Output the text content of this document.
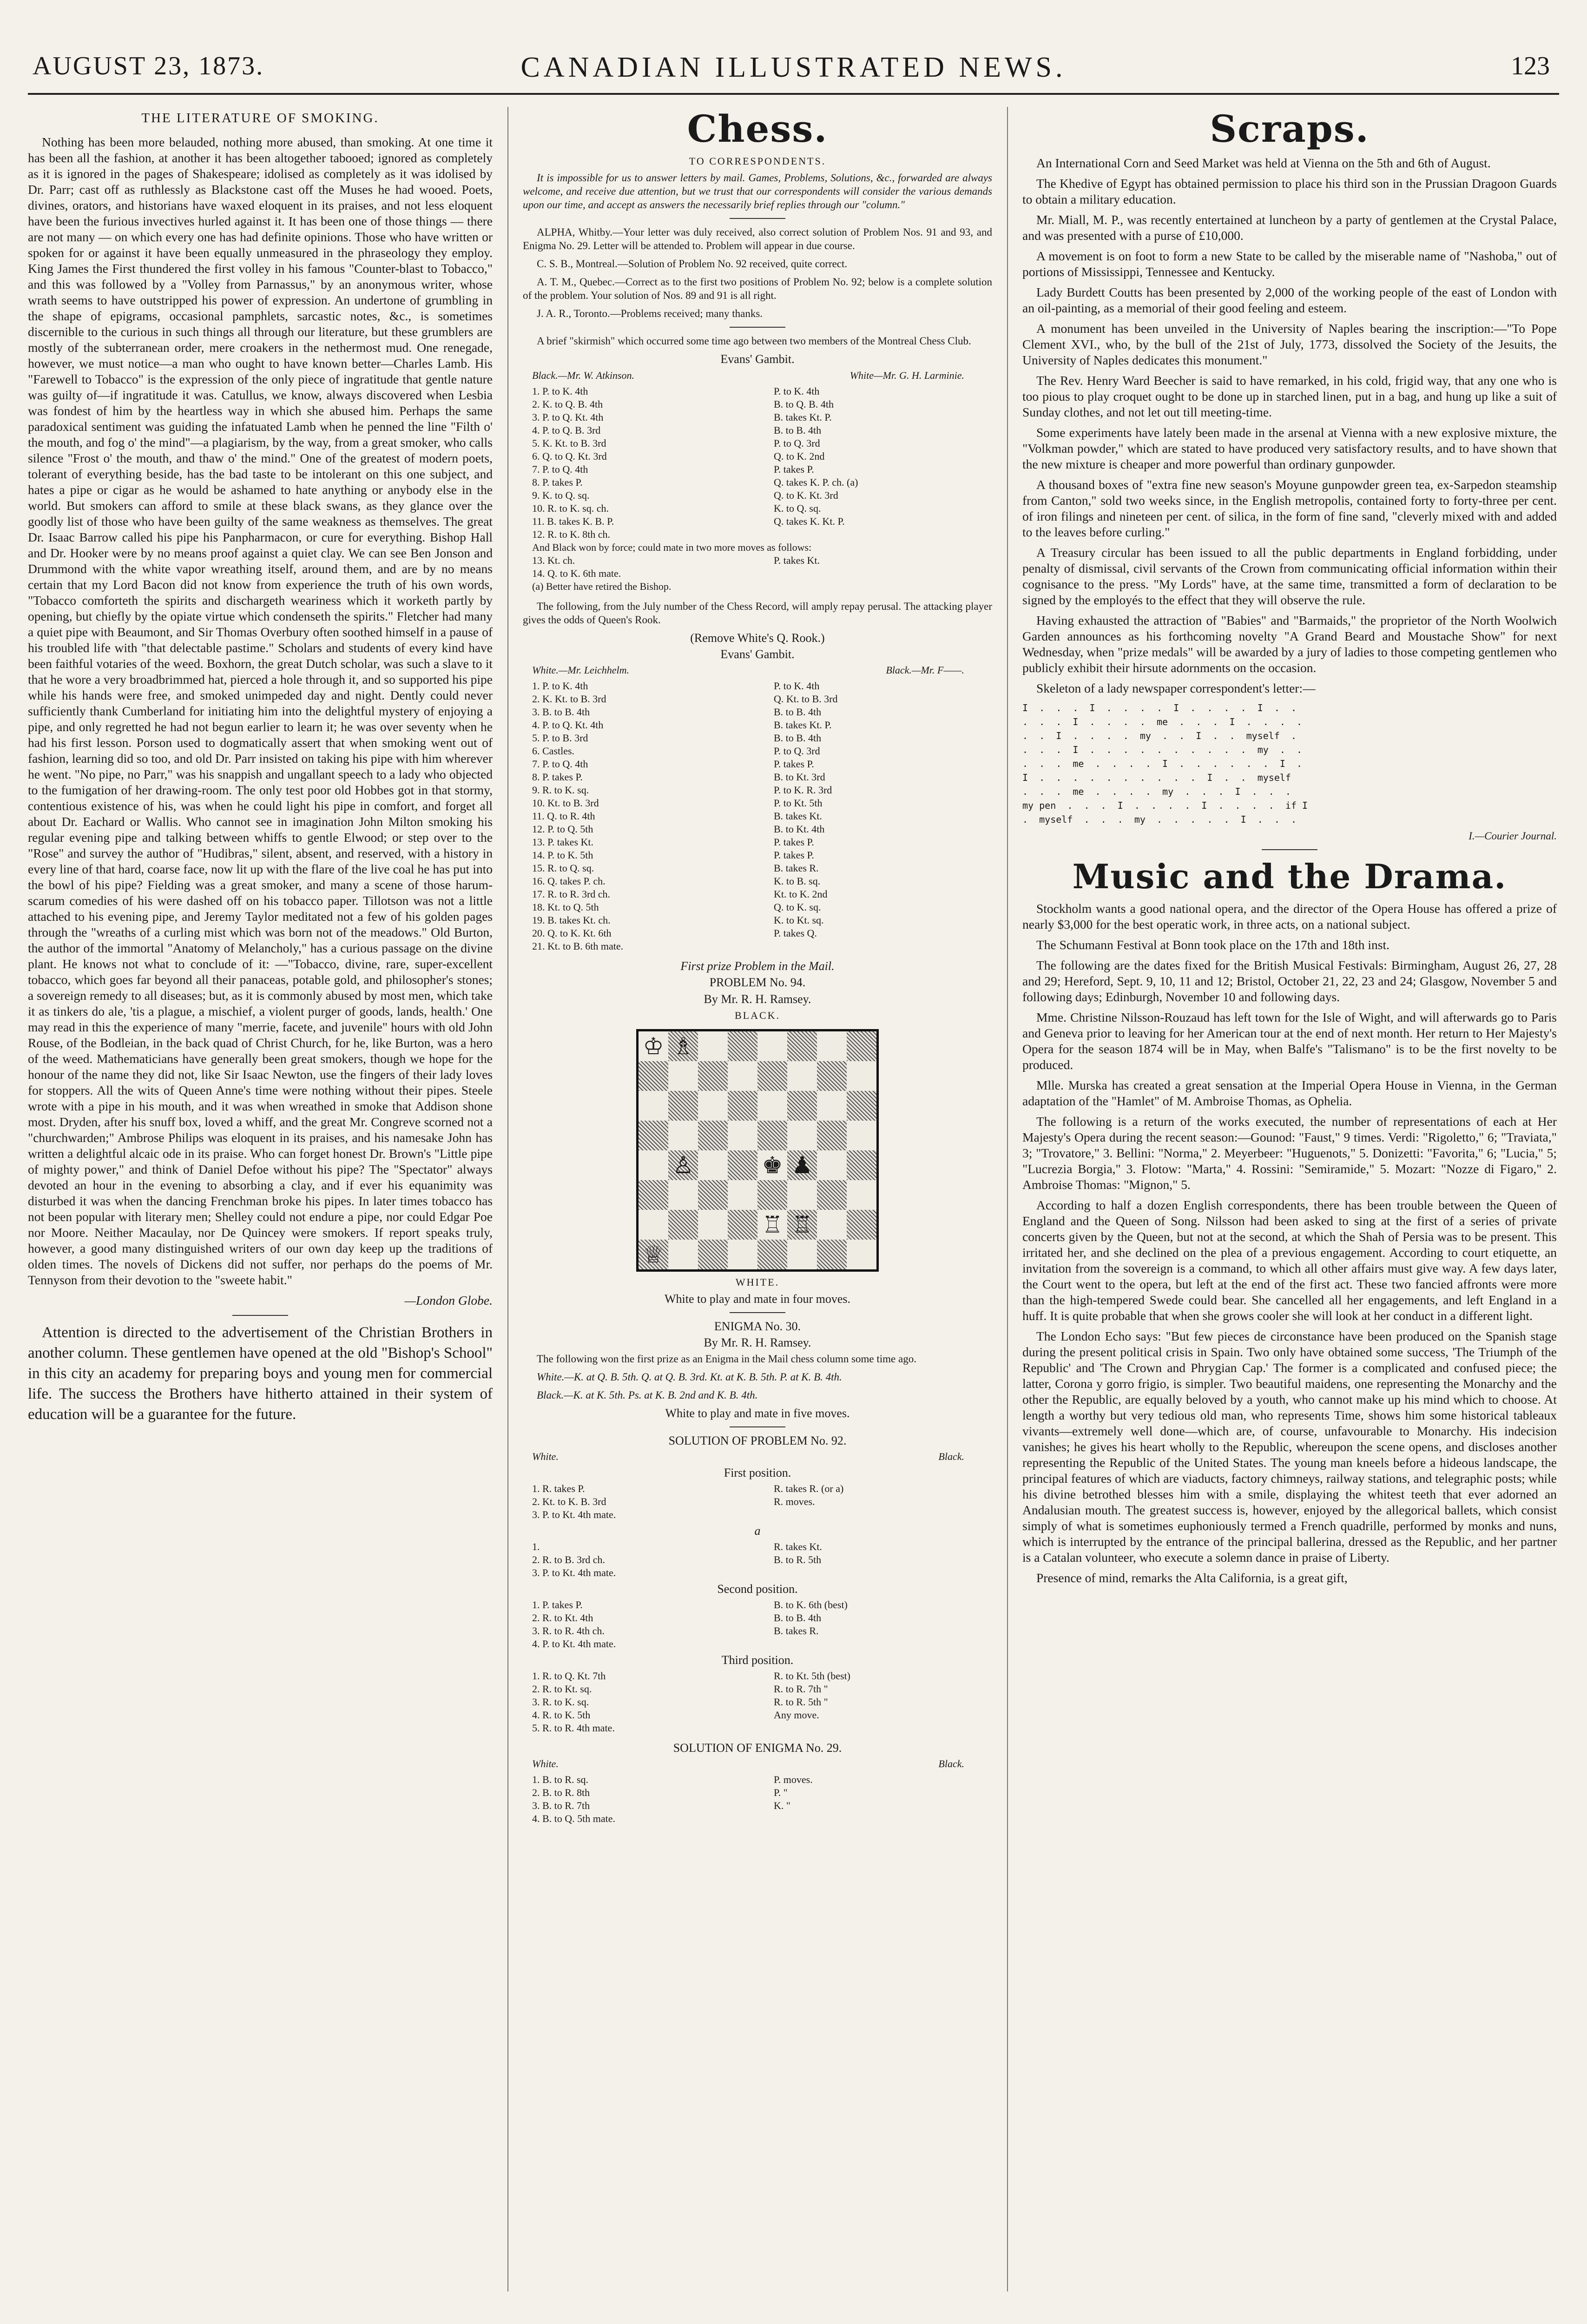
AUGUST 23, 1873.	CANADIAN ILLUSTRATED NEWS.	123
THE LITERATURE OF SMOKING.

Nothing has been more belauded, nothing more abused, than smoking. At one time it has been all the fashion, at another it has been altogether tabooed; ignored as completely as it is ignored in the pages of Shakespeare; idolised as completely as it was idolised by Dr. Parr; cast off as ruthlessly as Blackstone cast off the Muses he had wooed. Poets, divines, orators, and historians have waxed eloquent in its praises, and not less eloquent have been the furious invectives hurled against it. It has been one of those things — there are not many — on which every one has had definite opinions. Those who have written or spoken for or against it have been equally unmeasured in the phraseology they employ. King James the First thundered the first volley in his famous "Counter-blast to Tobacco," and this was followed by a "Volley from Parnassus," by an anonymous writer, whose wrath seems to have outstripped his power of expression. An undertone of grumbling in the shape of epigrams, occasional pamphlets, sarcastic notes, &c., is sometimes discernible to the curious in such things all through our literature, but these grumblers are mostly of the subterranean order, mere croakers in the nethermost mud. One renegade, however, we must notice—a man who ought to have known better—Charles Lamb. His "Farewell to Tobacco" is the expression of the only piece of ingratitude that gentle nature was guilty of—if ingratitude it was. Catullus, we know, always discovered when Lesbia was fondest of him by the heartless way in which she abused him. Perhaps the same paradoxical sentiment was guiding the infatuated Lamb when he penned the line "Filth o' the mouth, and fog o' the mind"—a plagiarism, by the way, from a great smoker, who calls silence "Frost o' the mouth, and thaw o' the mind." One of the greatest of modern poets, tolerant of everything beside, has the bad taste to be intolerant on this one subject, and hates a pipe or cigar as he would be ashamed to hate anything or anybody else in the world. But smokers can afford to smile at these black swans, as they glance over the goodly list of those who have been guilty of the same weakness as themselves. The great Dr. Isaac Barrow called his pipe his Panpharmacon, or cure for everything. Bishop Hall and Dr. Hooker were by no means proof against a quiet clay. We can see Ben Jonson and Drummond with the white vapor wreathing itself, around them, and are by no means certain that my Lord Bacon did not know from experience the truth of his own words, "Tobacco comforteth the spirits and dischargeth weariness which it worketh partly by opening, but chiefly by the opiate virtue which condenseth the spirits." Fletcher had many a quiet pipe with Beaumont, and Sir Thomas Overbury often soothed himself in a pause of his troubled life with "that delectable pastime." Scholars and students of every kind have been faithful votaries of the weed. Boxhorn, the great Dutch scholar, was such a slave to it that he wore a very broadbrimmed hat, pierced a hole through it, and so supported his pipe while his hands were free, and smoked unimpeded day and night. Dently could never sufficiently thank Cumberland for initiating him into the delightful mystery of enjoying a pipe, and only regretted he had not begun earlier to learn it; he was over seventy when he had his first lesson. Porson used to dogmatically assert that when smoking went out of fashion, learning did so too, and old Dr. Parr insisted on taking his pipe with him wherever he went. "No pipe, no Parr," was his snappish and ungallant speech to a lady who objected to the fumigation of her drawing-room. The only test poor old Hobbes got in that stormy, contentious existence of his, was when he could light his pipe in comfort, and forget all about Dr. Eachard or Wallis. Who cannot see in imagination John Milton smoking his regular evening pipe and talking between whiffs to gentle Elwood; or step over to the "Rose" and survey the author of "Hudibras," silent, absent, and reserved, with a history in every line of that hard, coarse face, now lit up with the flare of the live coal he has put into the bowl of his pipe? Fielding was a great smoker, and many a scene of those harum-scarum comedies of his were dashed off on his tobacco paper. Tillotson was not a little attached to his evening pipe, and Jeremy Taylor meditated not a few of his golden pages through the "wreaths of a curling mist which was born not of the meadows." Old Burton, the author of the immortal "Anatomy of Melancholy," has a curious passage on the divine plant. He knows not what to conclude of it: —"Tobacco, divine, rare, super-excellent tobacco, which goes far beyond all their panaceas, potable gold, and philosopher's stones; a sovereign remedy to all diseases; but, as it is commonly abused by most men, which take it as tinkers do ale, 'tis a plague, a mischief, a violent purger of goods, lands, health.' One may read in this the experience of many "merrie, facete, and juvenile" hours with old John Rouse, of the Bodleian, in the back quad of Christ Church, for he, like Burton, was a hero of the weed. Mathematicians have generally been great smokers, though we hope for the honour of the name they did not, like Sir Isaac Newton, use the fingers of their lady loves for stoppers. All the wits of Queen Anne's time were nothing without their pipes. Steele wrote with a pipe in his mouth, and it was when wreathed in smoke that Addison shone most. Dryden, after his snuff box, loved a whiff, and the great Mr. Congreve scorned not a "churchwarden;" Ambrose Philips was eloquent in its praises, and his namesake John has written a delightful alcaic ode in its praise. Who can forget honest Dr. Brown's "Little pipe of mighty power," and think of Daniel Defoe without his pipe? The "Spectator" always devoted an hour in the evening to absorbing a clay, and if ever his equanimity was disturbed it was when the dancing Frenchman broke his pipes. In later times tobacco has not been popular with literary men; Shelley could not endure a pipe, nor could Edgar Poe nor Moore. Neither Macaulay, nor De Quincey were smokers. If report speaks truly, however, a good many distinguished writers of our own day keep up the traditions of olden times. The novels of Dickens did not suffer, nor perhaps do the poems of Mr. Tennyson from their devotion to the "sweete habit."

—London Globe.

Attention is directed to the advertisement of the Christian Brothers in another column. These gentlemen have opened at the old "Bishop's School" in this city an academy for preparing boys and young men for commercial life. The success the Brothers have hitherto attained in their system of education will be a guarantee for the future.

Chess.
TO CORRESPONDENTS.

It is impossible for us to answer letters by mail. Games, Problems, Solutions, &c., forwarded are always welcome, and receive due attention, but we trust that our correspondents will consider the various demands upon our time, and accept as answers the necessarily brief replies through our "column."

ALPHA, Whitby.—Your letter was duly received, also correct solution of Problem Nos. 91 and 93, and Enigma No. 29. Letter will be attended to. Problem will appear in due course.

C. S. B., Montreal.—Solution of Problem No. 92 received, quite correct.

A. T. M., Quebec.—Correct as to the first two positions of Problem No. 92; below is a complete solution of the problem. Your solution of Nos. 89 and 91 is all right.

J. A. R., Toronto.—Problems received; many thanks.

A brief "skirmish" which occurred some time ago between two members of the Montreal Chess Club.

Evans' Gambit.
Black.—Mr. W. Atkinson.	White—Mr. G. H. Larminie.
1. P. to K. 4th	P. to K. 4th
2. K. to Q. B. 4th	B. to Q. B. 4th
3. P. to Q. Kt. 4th	B. takes Kt. P.
4. P. to Q. B. 3rd	B. to B. 4th
5. K. Kt. to B. 3rd	P. to Q. 3rd
6. Q. to Q. Kt. 3rd	Q. to K. 2nd
7. P. to Q. 4th	P. takes P.
8. P. takes P.	Q. takes K. P. ch. (a)
9. K. to Q. sq.	Q. to K. Kt. 3rd
10. R. to K. sq. ch.	K. to Q. sq.
11. B. takes K. B. P.	Q. takes K. Kt. P.
12. R. to K. 8th ch.
And Black won by force; could mate in two more moves as follows:
13. Kt. ch.	P. takes Kt.
14. Q. to K. 6th mate.
(a) Better have retired the Bishop.

The following, from the July number of the Chess Record, will amply repay perusal. The attacking player gives the odds of Queen's Rook.

(Remove White's Q. Rook.)
Evans' Gambit.
White.—Mr. Leichhelm.	Black.—Mr. F——.
1. P. to K. 4th	P. to K. 4th
2. K. Kt. to B. 3rd	Q. Kt. to B. 3rd
3. B. to B. 4th	B. to B. 4th
4. P. to Q. Kt. 4th	B. takes Kt. P.
5. P. to B. 3rd	B. to B. 4th
6. Castles.	P. to Q. 3rd
7. P. to Q. 4th	P. takes P.
8. P. takes P.	B. to Kt. 3rd
9. R. to K. sq.	P. to K. R. 3rd
10. Kt. to B. 3rd	P. to Kt. 5th
11. Q. to R. 4th	B. takes Kt.
12. P. to Q. 5th	B. to Kt. 4th
13. P. takes Kt.	P. takes P.
14. P. to K. 5th	P. takes P.
15. R. to Q. sq.	B. takes R.
16. Q. takes P. ch.	K. to B. sq.
17. R. to R. 3rd ch.	Kt. to K. 2nd
18. Kt. to Q. 5th	Q. to K. sq.
19. B. takes Kt. ch.	K. to Kt. sq.
20. Q. to K. Kt. 6th	P. takes Q.
21. Kt. to B. 6th mate.
First prize Problem in the Mail.
PROBLEM No. 94.
By Mr. R. H. Ramsey.
BLACK.
♔ ♗
♙	♚ ♟
♖ ♖
♕
WHITE.
White to play and mate in four moves.
ENIGMA No. 30.
By Mr. R. H. Ramsey.

The following won the first prize as an Enigma in the Mail chess column some time ago.

White.—K. at Q. B. 5th. Q. at Q. B. 3rd. Kt. at K. B. 5th. P. at K. B. 4th.

Black.—K. at K. 5th. Ps. at K. B. 2nd and K. B. 4th.

White to play and mate in five moves.
SOLUTION OF PROBLEM No. 92.
White.	Black.
First position.
1. R. takes P.	R. takes R. (or a)
2. Kt. to K. B. 3rd	R. moves.
3. P. to Kt. 4th mate.
a
1.	R. takes Kt.
2. R. to B. 3rd ch.	B. to R. 5th
3. P. to Kt. 4th mate.
Second position.
1. P. takes P.	B. to K. 6th (best)
2. R. to Kt. 4th	B. to B. 4th
3. R. to R. 4th ch.	B. takes R.
4. P. to Kt. 4th mate.
Third position.
1. R. to Q. Kt. 7th	R. to Kt. 5th (best)
2. R. to Kt. sq.	R. to R. 7th "
3. R. to K. sq.	R. to R. 5th "
4. R. to K. 5th	Any move.
5. R. to R. 4th mate.
SOLUTION OF ENIGMA No. 29.
White.	Black.
1. B. to R. sq.	P. moves.
2. B. to R. 8th	P. "
3. B. to R. 7th	K. "
4. B. to Q. 5th mate.
Scraps.

An International Corn and Seed Market was held at Vienna on the 5th and 6th of August.

The Khedive of Egypt has obtained permission to place his third son in the Prussian Dragoon Guards to obtain a military education.

Mr. Miall, M. P., was recently entertained at luncheon by a party of gentlemen at the Crystal Palace, and was presented with a purse of £10,000.

A movement is on foot to form a new State to be called by the miserable name of "Nashoba," out of portions of Mississippi, Tennessee and Kentucky.

Lady Burdett Coutts has been presented by 2,000 of the working people of the east of London with an oil-painting, as a memorial of their good feeling and esteem.

A monument has been unveiled in the University of Naples bearing the inscription:—"To Pope Clement XVI., who, by the bull of the 21st of July, 1773, dissolved the Society of the Jesuits, the University of Naples dedicates this monument."

The Rev. Henry Ward Beecher is said to have remarked, in his cold, frigid way, that any one who is too pious to play croquet ought to be done up in starched linen, put in a bag, and hung up like a suit of Sunday clothes, and not let out till meeting-time.

Some experiments have lately been made in the arsenal at Vienna with a new explosive mixture, the "Volkman powder," which are stated to have produced very satisfactory results, and to have shown that the new mixture is cheaper and more powerful than ordinary gunpowder.

A thousand boxes of "extra fine new season's Moyune gunpowder green tea, ex-Sarpedon steamship from Canton," sold two weeks since, in the English metropolis, contained forty to forty-three per cent. of iron filings and nineteen per cent. of silica, in the form of fine sand, "cleverly mixed with and added to the leaves before curling."

A Treasury circular has been issued to all the public departments in England forbidding, under penalty of dismissal, civil servants of the Crown from communicating official information within their cognisance to the press. "My Lords" have, at the same time, transmitted a form of declaration to be signed by the employés to the effect that they will observe the rule.

Having exhausted the attraction of "Babies" and "Barmaids," the proprietor of the North Woolwich Garden announces as his forthcoming novelty "A Grand Beard and Moustache Show" for next Wednesday, when "prize medals" will be awarded by a jury of ladies to those competing gentlemen who publicly exhibit their hirsute adornments on the occasion.

Skeleton of a lady newspaper correspondent's letter:—

I  .  .  .  I  .  .  .  .  I  .  .  .  .  I  .  .
.  .  .  I  .  .  .  .  me  .  .  .  I  .  .  .  .
.  .  I  .  .  .  .  my  .  .  I  .  .  myself  .
.  .  .  I  .  .  .  .  .  .  .  .  .  .  my  .  .
.  .  .  me  .  .  .  .  I  .  .  .  .  .  .  I  .
I  .  .  .  .  .  .  .  .  .  .  I  .  .  myself
.  .  .  me  .  .  .  .  my  .  .  .  I  .  .  .
my pen  .  .  .  I  .  .  .  .  I  .  .  .  .  if I
.  myself  .  .  .  my  .  .  .  .  .  I  .  .  .
I.—Courier Journal.
Music and the Drama.

Stockholm wants a good national opera, and the director of the Opera House has offered a prize of nearly $3,000 for the best operatic work, in three acts, on a national subject.

The Schumann Festival at Bonn took place on the 17th and 18th inst.

The following are the dates fixed for the British Musical Festivals: Birmingham, August 26, 27, 28 and 29; Hereford, Sept. 9, 10, 11 and 12; Bristol, October 21, 22, 23 and 24; Glasgow, November 5 and following days; Edinburgh, November 10 and following days.

Mme. Christine Nilsson-Rouzaud has left town for the Isle of Wight, and will afterwards go to Paris and Geneva prior to leaving for her American tour at the end of next month. Her return to Her Majesty's Opera for the season 1874 will be in May, when Balfe's "Talismano" is to be the first novelty to be produced.

Mlle. Murska has created a great sensation at the Imperial Opera House in Vienna, in the German adaptation of the "Hamlet" of M. Ambroise Thomas, as Ophelia.

The following is a return of the works executed, the number of representations of each at Her Majesty's Opera during the recent season:—Gounod: "Faust," 9 times. Verdi: "Rigoletto," 6; "Traviata," 3; "Trovatore," 3. Bellini: "Norma," 2. Meyerbeer: "Huguenots," 5. Donizetti: "Favorita," 6; "Lucia," 5; "Lucrezia Borgia," 3. Flotow: "Marta," 4. Rossini: "Semiramide," 5. Mozart: "Nozze di Figaro," 2. Ambroise Thomas: "Mignon," 5.

According to half a dozen English correspondents, there has been trouble between the Queen of England and the Queen of Song. Nilsson had been asked to sing at the first of a series of private concerts given by the Queen, but not at the second, at which the Shah of Persia was to be present. This irritated her, and she declined on the plea of a previous engagement. According to court etiquette, an invitation from the sovereign is a command, to which all other affairs must give way. A few days later, the Court went to the opera, but left at the end of the first act. These two fancied affronts were more than the high-tempered Swede could bear. She cancelled all her engagements, and left England in a huff. It is quite probable that when she grows cooler she will look at her conduct in a different light.

The London Echo says: "But few pieces de circonstance have been produced on the Spanish stage during the present political crisis in Spain. Two only have obtained some success, 'The Triumph of the Republic' and 'The Crown and Phrygian Cap.' The former is a complicated and confused piece; the latter, Corona y gorro frigio, is simpler. Two beautiful maidens, one representing the Monarchy and the other the Republic, are equally beloved by a youth, who cannot make up his mind which to choose. At length a worthy but very tedious old man, who represents Time, shows him some historical tableaux vivants—extremely well done—which are, of course, unfavourable to Monarchy. His indecision vanishes; he gives his heart wholly to the Republic, whereupon the scene opens, and discloses another representing the Republic of the United States. The young man kneels before a hideous landscape, the principal features of which are viaducts, factory chimneys, railway stations, and telegraphic posts; while his divine betrothed blesses him with a smile, displaying the whitest teeth that ever adorned an Andalusian mouth. The greatest success is, however, enjoyed by the allegorical ballets, which consist simply of what is sometimes euphoniously termed a French quadrille, performed by monks and nuns, which is interrupted by the entrance of the principal ballerina, dressed as the Republic, and her partner is a Catalan volunteer, who execute a solemn dance in praise of Liberty.

Presence of mind, remarks the Alta California, is a great gift,
